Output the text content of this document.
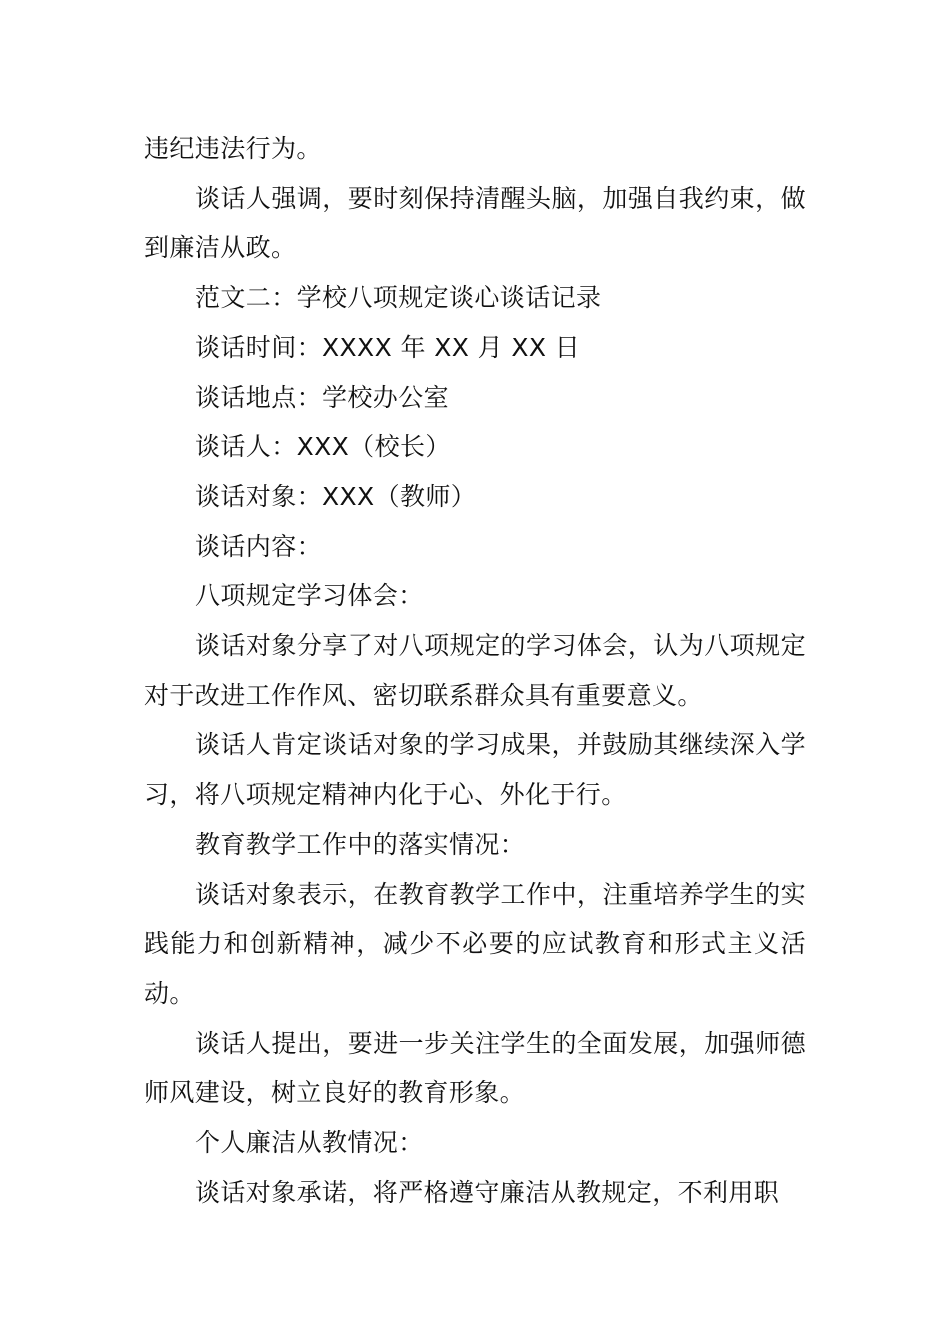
违纪违法行为。

谈话人强调，要时刻保持清醒头脑，加强自我约束，做到廉洁从政。

范文二：学校八项规定谈心谈话记录

谈话时间：XXXX 年 XX 月 XX 日

谈话地点：学校办公室

谈话人：XXX（校长）

谈话对象：XXX（教师）

谈话内容：

八项规定学习体会：

谈话对象分享了对八项规定的学习体会，认为八项规定对于改进工作作风、密切联系群众具有重要意义。

谈话人肯定谈话对象的学习成果，并鼓励其继续深入学习，将八项规定精神内化于心、外化于行。

教育教学工作中的落实情况：

谈话对象表示，在教育教学工作中，注重培养学生的实践能力和创新精神，减少不必要的应试教育和形式主义活动。

谈话人提出，要进一步关注学生的全面发展，加强师德师风建设，树立良好的教育形象。

个人廉洁从教情况：

谈话对象承诺，将严格遵守廉洁从教规定，不利用职
